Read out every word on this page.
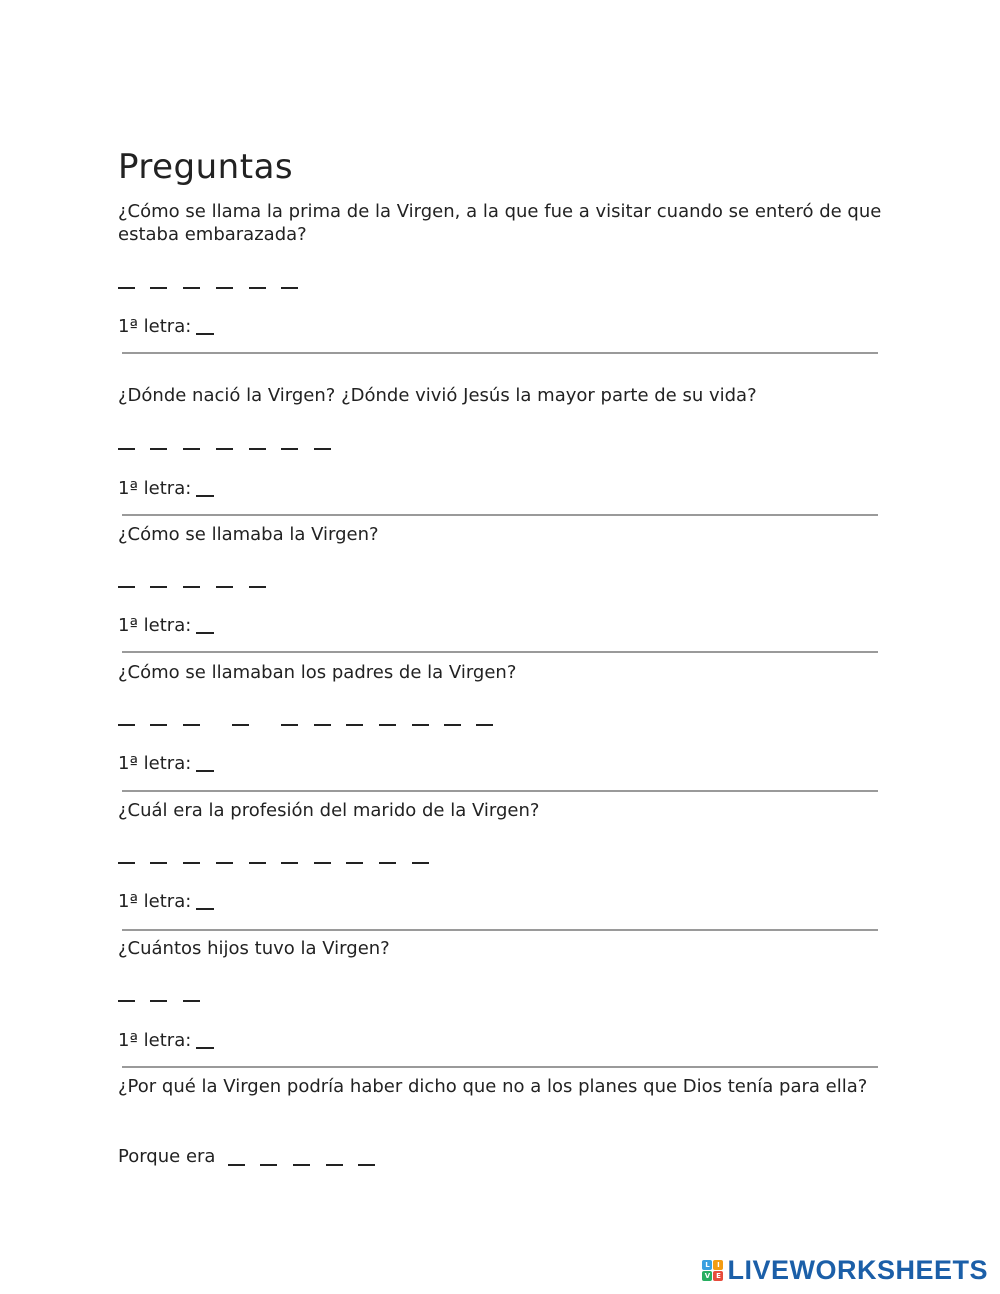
Preguntas
¿Cómo se llama la prima de la Virgen, a la que fue a visitar cuando se enteró de que estaba embarazada?
1ª letra:
¿Dónde nació la Virgen? ¿Dónde vivió Jesús la mayor parte de su vida?
1ª letra:
¿Cómo se llamaba la Virgen?
1ª letra:
¿Cómo se llamaban los padres de la Virgen?
1ª letra:
¿Cuál era la profesión del marido de la Virgen?
1ª letra:
¿Cuántos hijos tuvo la Virgen?
1ª letra:
¿Por qué la Virgen podría haber dicho que no a los planes que Dios tenía para ella?
Porque era
L	I
V E LIVEWORKSHEETS
